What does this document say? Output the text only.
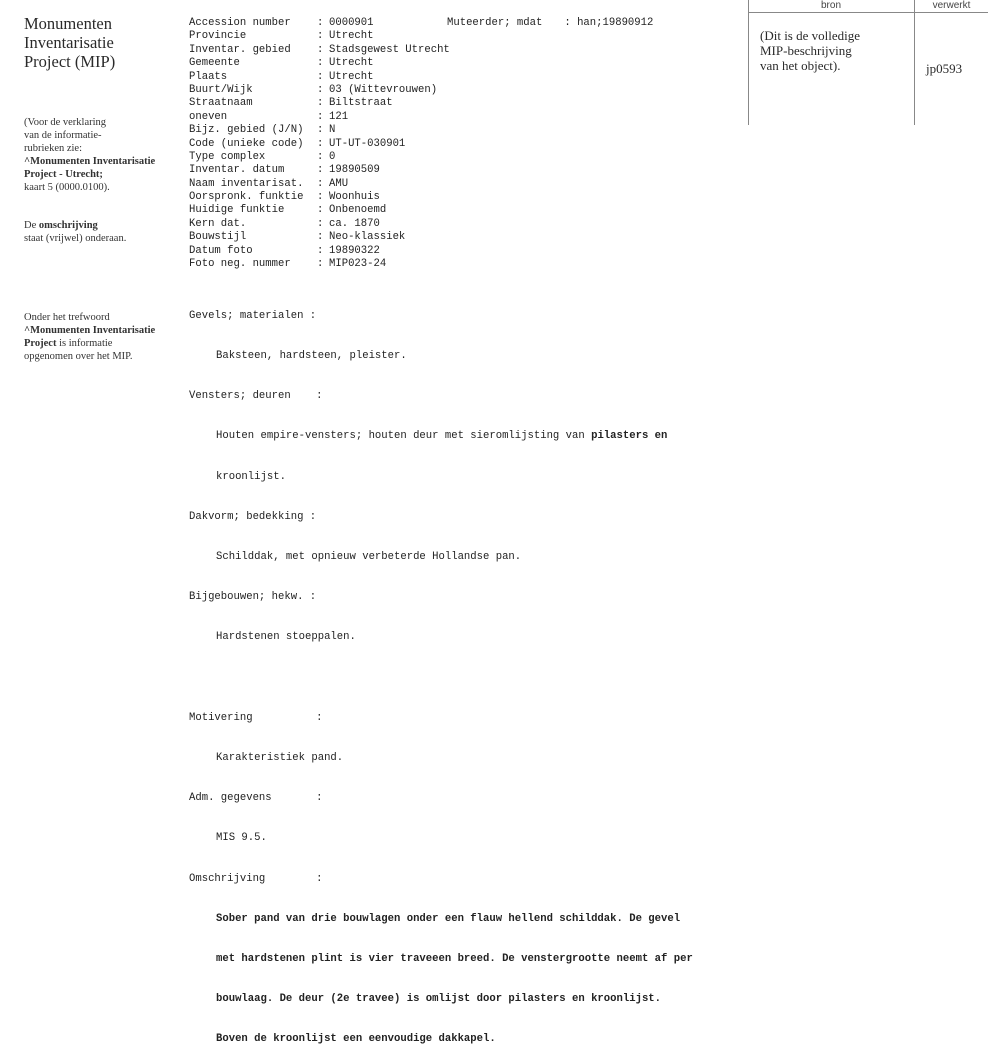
Monumenten
Inventarisatie
Project (MIP)
(Voor de verklaring
van de informatie-
rubrieken zie:
^Monumenten Inventarisatie
Project - Utrecht;
kaart 5 (0000.0100).
De omschrijving
staat (vrijwel) onderaan.
Onder het trefwoord
^Monumenten Inventarisatie
Project is informatie
opgenomen over het MIP.
Accession number : 0000901
Provincie	: Utrecht
Inventar. gebied : Stadsgewest Utrecht
Gemeente	: Utrecht
Plaats	: Utrecht
Buurt/Wijk	: 03 (Wittevrouwen)
Straatnaam	: Biltstraat
oneven	: 121
Bijz. gebied (J/N) : N
Code (unieke code) : UT-UT-030901
Type complex	: 0
Inventar. datum	: 19890509
Naam inventarisat. : AMU
Oorspronk. funktie : Woonhuis
Huidige funktie	: Onbenoemd
Kern dat.	: ca. 1870
Bouwstijl	: Neo-klassiek
Datum foto	: 19890322
Foto neg. nummer : MIP023-24
Muteerder; mdat : han;19890912

Gevels; materialen :

Baksteen, hardsteen, pleister.

Vensters; deuren    :

Houten empire-vensters; houten deur met sieromlijsting van pilasters en

kroonlijst.

Dakvorm; bedekking :

Schilddak, met opnieuw verbeterde Hollandse pan.

Bijgebouwen; hekw. :

Hardstenen stoeppalen.

Motivering          :

Karakteristiek pand.

Adm. gegevens       :

MIS 9.5.

Omschrijving        :

Sober pand van drie bouwlagen onder een flauw hellend schilddak. De gevel

met hardstenen plint is vier traveeen breed. De venstergrootte neemt af per

bouwlaag. De deur (2e travee) is omlijst door pilasters en kroonlijst.

Boven de kroonlijst een eenvoudige dakkapel.

bron	verwerkt
(Dit is de volledige
MIP-beschrijving
van het object).	jp0593
